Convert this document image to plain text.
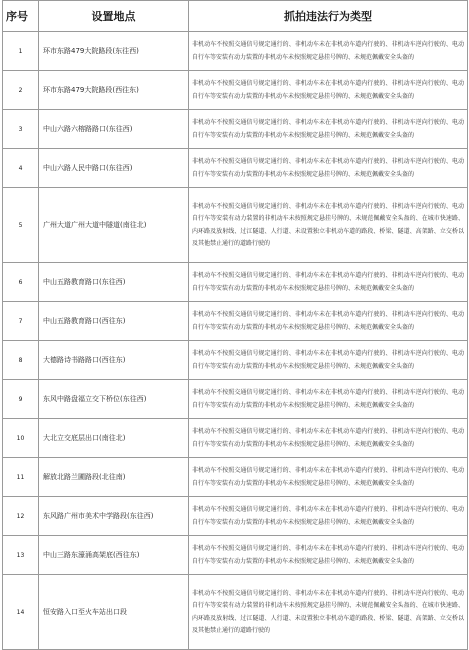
序号	设置地点	抓拍违法行为类型
1	环市东路479大院路段(东往西)	非机动车不按照交通信号规定通行的、非机动车未在非机动车道内行驶的、非机动车逆向行驶的、电动自行车等安装有动力装置的非机动车未按照规定悬挂号牌的、未规范佩戴安全头盔的
2	环市东路479大院路段(西往东)	非机动车不按照交通信号规定通行的、非机动车未在非机动车道内行驶的、非机动车逆向行驶的、电动自行车等安装有动力装置的非机动车未按照规定悬挂号牌的、未规范佩戴安全头盔的
3	中山六路六榕路路口(东往西)	非机动车不按照交通信号规定通行的、非机动车未在非机动车道内行驶的、非机动车逆向行驶的、电动自行车等安装有动力装置的非机动车未按照规定悬挂号牌的、未规范佩戴安全头盔的
4	中山六路人民中路口(东往西)	非机动车不按照交通信号规定通行的、非机动车未在非机动车道内行驶的、非机动车逆向行驶的、电动自行车等安装有动力装置的非机动车未按照规定悬挂号牌的、未规范佩戴安全头盔的
5	广州大道广州大道中隧道(南往北)	非机动车不按照交通信号规定通行的、非机动车未在非机动车道内行驶的、非机动车逆向行驶的、电动自行车等安装有动力装置的非机动车未按照规定悬挂号牌的、未规范佩戴安全头盔的、在城市快速路、内环路及放射线、过江隧道、人行道、未设置独立非机动车道的路段、桥梁、隧道、高架路、立交桥以及其他禁止通行的道路行驶的
6	中山五路教育路口(东往西)	非机动车不按照交通信号规定通行的、非机动车未在非机动车道内行驶的、非机动车逆向行驶的、电动自行车等安装有动力装置的非机动车未按照规定悬挂号牌的、未规范佩戴安全头盔的
7	中山五路教育路口(西往东)	非机动车不按照交通信号规定通行的、非机动车未在非机动车道内行驶的、非机动车逆向行驶的、电动自行车等安装有动力装置的非机动车未按照规定悬挂号牌的、未规范佩戴安全头盔的
8	大德路诗书路路口(西往东)	非机动车不按照交通信号规定通行的、非机动车未在非机动车道内行驶的、非机动车逆向行驶的、电动自行车等安装有动力装置的非机动车未按照规定悬挂号牌的、未规范佩戴安全头盔的
9	东风中路盘福立交下桥位(东往西)	非机动车不按照交通信号规定通行的、非机动车未在非机动车道内行驶的、非机动车逆向行驶的、电动自行车等安装有动力装置的非机动车未按照规定悬挂号牌的、未规范佩戴安全头盔的
10	大北立交底层出口(南往北)	非机动车不按照交通信号规定通行的、非机动车未在非机动车道内行驶的、非机动车逆向行驶的、电动自行车等安装有动力装置的非机动车未按照规定悬挂号牌的、未规范佩戴安全头盔的
11	解放北路兰圃路段(北往南)	非机动车不按照交通信号规定通行的、非机动车未在非机动车道内行驶的、非机动车逆向行驶的、电动自行车等安装有动力装置的非机动车未按照规定悬挂号牌的、未规范佩戴安全头盔的
12	东风路广州市美术中学路段(东往西)	非机动车不按照交通信号规定通行的、非机动车未在非机动车道内行驶的、非机动车逆向行驶的、电动自行车等安装有动力装置的非机动车未按照规定悬挂号牌的、未规范佩戴安全头盔的
13	中山三路东濠涌高架底(西往东)	非机动车不按照交通信号规定通行的、非机动车未在非机动车道内行驶的、非机动车逆向行驶的、电动自行车等安装有动力装置的非机动车未按照规定悬挂号牌的、未规范佩戴安全头盔的
14	恒安路入口至火车站出口段	非机动车不按照交通信号规定通行的、非机动车未在非机动车道内行驶的、非机动车逆向行驶的、电动自行车等安装有动力装置的非机动车未按照规定悬挂号牌的、未规范佩戴安全头盔的、在城市快速路、内环路及放射线、过江隧道、人行道、未设置独立非机动车道的路段、桥梁、隧道、高架路、立交桥以及其他禁止通行的道路行驶的
